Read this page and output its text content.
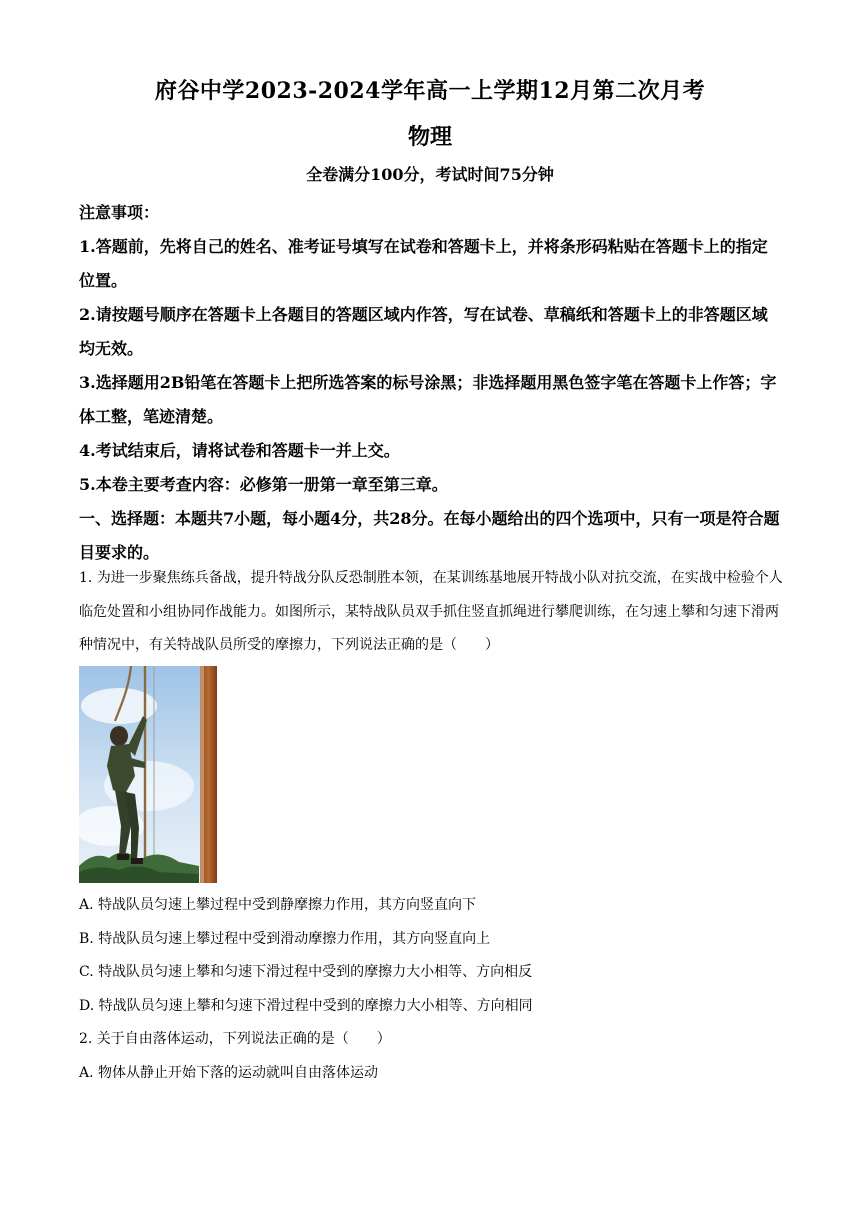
府谷中学2023-2024学年高一上学期12月第二次月考
物理
全卷满分100分，考试时间75分钟

注意事项：

1.答题前，先将自己的姓名、准考证号填写在试卷和答题卡上，并将条形码粘贴在答题卡上的指定位置。

2.请按题号顺序在答题卡上各题目的答题区域内作答，写在试卷、草稿纸和答题卡上的非答题区域均无效。

3.选择题用2B铅笔在答题卡上把所选答案的标号涂黑；非选择题用黑色签字笔在答题卡上作答；字体工整，笔迹清楚。

4.考试结束后，请将试卷和答题卡一并上交。

5.本卷主要考查内容：必修第一册第一章至第三章。

一、选择题：本题共7小题，每小题4分，共28分。在每小题给出的四个选项中，只有一项是符合题目要求的。

1. 为进一步聚焦练兵备战，提升特战分队反恐制胜本领，在某训练基地展开特战小队对抗交流，在实战中检验个人临危处置和小组协同作战能力。如图所示，某特战队员双手抓住竖直抓绳进行攀爬训练，在匀速上攀和匀速下滑两种情况中，有关特战队员所受的摩擦力，下列说法正确的是（　　）

A. 特战队员匀速上攀过程中受到静摩擦力作用，其方向竖直向下

B. 特战队员匀速上攀过程中受到滑动摩擦力作用，其方向竖直向上

C. 特战队员匀速上攀和匀速下滑过程中受到的摩擦力大小相等、方向相反

D. 特战队员匀速上攀和匀速下滑过程中受到的摩擦力大小相等、方向相同

2. 关于自由落体运动，下列说法正确的是（　　）

A. 物体从静止开始下落的运动就叫自由落体运动
